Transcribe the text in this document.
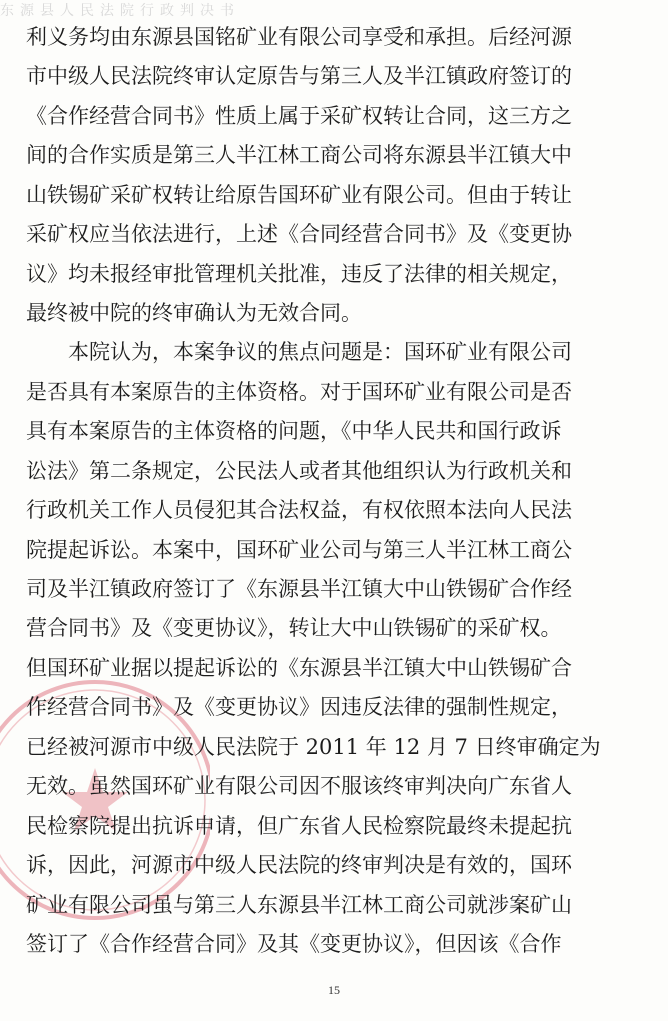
东源县人民法院行政判决书
利义务均由东源县国铭矿业有限公司享受和承担。后经河源
市中级人民法院终审认定原告与第三人及半江镇政府签订的
《合作经营合同书》性质上属于采矿权转让合同，这三方之
间的合作实质是第三人半江林工商公司将东源县半江镇大中
山铁锡矿采矿权转让给原告国环矿业有限公司。但由于转让
采矿权应当依法进行，上述《合同经营合同书》及《变更协
议》均未报经审批管理机关批准，违反了法律的相关规定，
最终被中院的终审确认为无效合同。
　　本院认为，本案争议的焦点问题是：国环矿业有限公司
是否具有本案原告的主体资格。对于国环矿业有限公司是否
具有本案原告的主体资格的问题，《中华人民共和国行政诉
讼法》第二条规定，公民法人或者其他组织认为行政机关和
行政机关工作人员侵犯其合法权益，有权依照本法向人民法
院提起诉讼。本案中，国环矿业公司与第三人半江林工商公
司及半江镇政府签订了《东源县半江镇大中山铁锡矿合作经
营合同书》及《变更协议》，转让大中山铁锡矿的采矿权。
但国环矿业据以提起诉讼的《东源县半江镇大中山铁锡矿合
作经营合同书》及《变更协议》因违反法律的强制性规定，
已经被河源市中级人民法院于 2011 年 12 月 7 日终审确定为
无效。虽然国环矿业有限公司因不服该终审判决向广东省人
民检察院提出抗诉申请，但广东省人民检察院最终未提起抗
诉，因此，河源市中级人民法院的终审判决是有效的，国环
矿业有限公司虽与第三人东源县半江林工商公司就涉案矿山
签订了《合作经营合同》及其《变更协议》，但因该《合作
15
